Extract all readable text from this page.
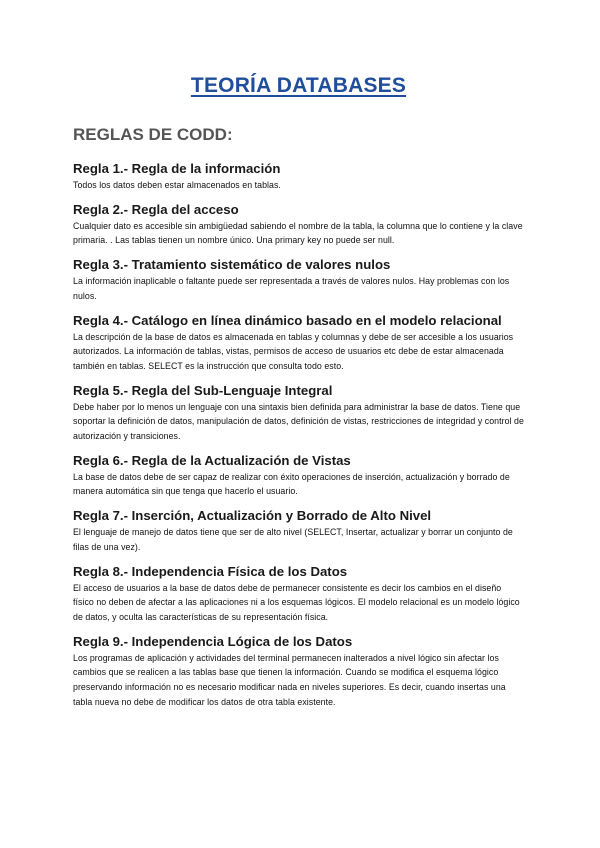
TEORÍA DATABASES
REGLAS DE CODD:
Regla 1.- Regla de la información

Todos los datos deben estar almacenados en tablas.

Regla 2.- Regla del acceso

Cualquier dato es accesible sin ambigüedad sabiendo el nombre de la tabla, la columna que lo contiene y la clave primaria. . Las tablas tienen un nombre único. Una primary key no puede ser null.

Regla 3.- Tratamiento sistemático de valores nulos

La información inaplicable o faltante puede ser representada a través de valores nulos. Hay problemas con los nulos.

Regla 4.- Catálogo en línea dinámico basado en el modelo relacional

La descripción de la base de datos es almacenada en tablas y columnas y debe de ser accesible a los usuarios autorizados. La información de tablas, vistas, permisos de acceso de usuarios etc debe de estar almacenada también en tablas. SELECT es la instrucción que consulta todo esto.

Regla 5.- Regla del Sub-Lenguaje Integral

Debe haber por lo menos un lenguaje con una sintaxis bien definida para administrar la base de datos. Tiene que soportar la definición de datos, manipulación de datos, definición de vistas, restricciones de integridad y control de autorización y transiciones.

Regla 6.- Regla de la Actualización de Vistas

La base de datos debe de ser capaz de realizar con éxito operaciones de inserción, actualización y borrado de manera automática sin que tenga que hacerlo el usuario.

Regla 7.- Inserción, Actualización y Borrado de Alto Nivel

El lenguaje de manejo de datos tiene que ser de alto nivel (SELECT, Insertar, actualizar y borrar un conjunto de filas de una vez).

Regla 8.- Independencia Física de los Datos

El acceso de usuarios a la base de datos debe de permanecer consistente es decir los cambios en el diseño físico no deben de afectar a las aplicaciones ni a los esquemas lógicos. El modelo relacional es un modelo lógico de datos, y oculta las características de su representación física.

Regla 9.- Independencia Lógica de los Datos

Los programas de aplicación y actividades del terminal permanecen inalterados a nivel lógico sin afectar los cambios que se realicen a las tablas base que tienen la información. Cuando se modifica el esquema lógico preservando información no es necesario modificar nada en niveles superiores. Es decir, cuando insertas una tabla nueva no debe de modificar los datos de otra tabla existente.
